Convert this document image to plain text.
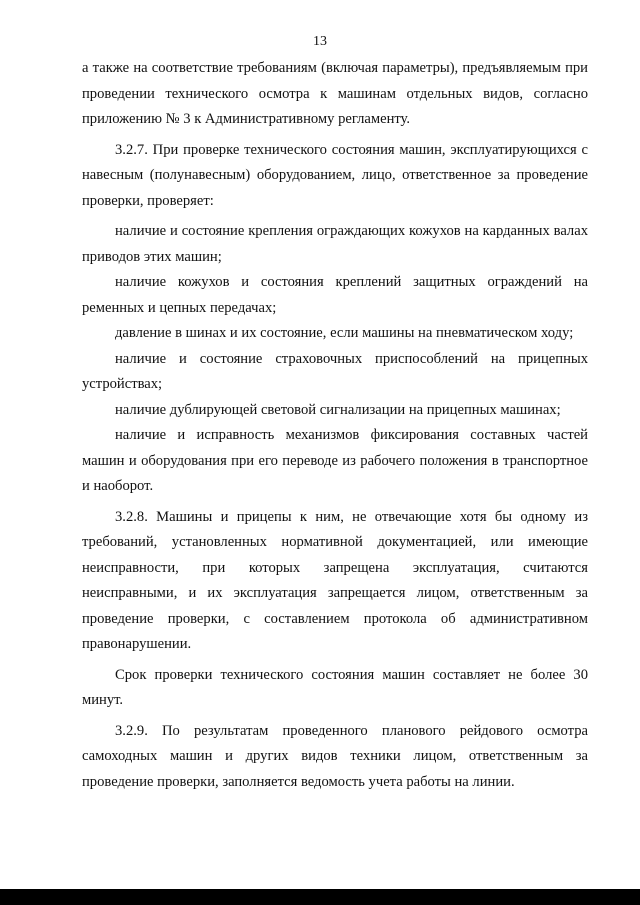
13

а также на соответствие требованиям (включая параметры), предъявляемым при проведении технического осмотра к машинам отдельных видов, согласно приложению № 3 к Административному регламенту.

3.2.7. При проверке технического состояния машин, эксплуатирующихся с навесным (полунавесным) оборудованием, лицо, ответственное за проведение проверки, проверяет:

наличие и состояние крепления ограждающих кожухов на карданных валах приводов этих машин;

наличие кожухов и состояния креплений защитных ограждений на ременных и цепных передачах;

давление в шинах и их состояние, если машины на пневматическом ходу;

наличие и состояние страховочных приспособлений на прицепных устройствах;

наличие дублирующей световой сигнализации на прицепных машинах;

наличие и исправность механизмов фиксирования составных частей машин и оборудования при его переводе из рабочего положения в транспортное и наоборот.

3.2.8. Машины и прицепы к ним, не отвечающие хотя бы одному из требований, установленных нормативной документацией, или имеющие неисправности, при которых запрещена эксплуатация, считаются неисправными, и их эксплуатация запрещается лицом, ответственным за проведение проверки, с составлением протокола об административном правонарушении.

Срок проверки технического состояния машин составляет не более 30 минут.

3.2.9. По результатам проведенного планового рейдового осмотра самоходных машин и других видов техники лицом, ответственным за проведение проверки, заполняется ведомость учета работы на линии.
